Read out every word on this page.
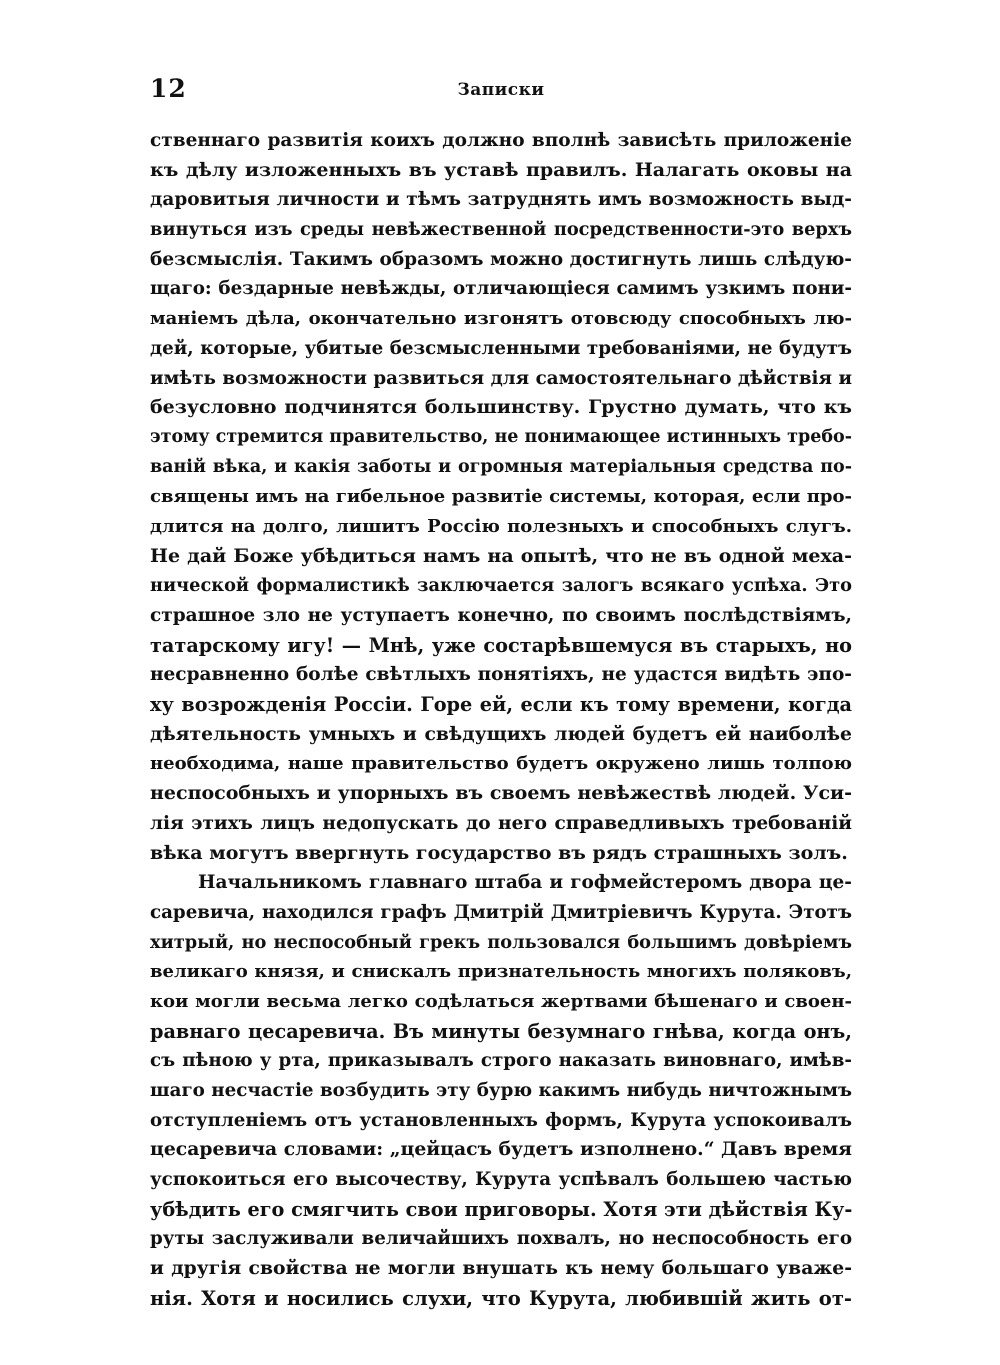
12	Записки
ственнаго развитія коихъ должно вполнѣ зависѣть приложеніе
къ дѣлу изложенныхъ въ уставѣ правилъ. Налагать оковы на
даровитыя личности и тѣмъ затруднять имъ возможность выд-
винуться изъ среды невѣжественной посредственности-это верхъ
безсмыслія. Такимъ образомъ можно достигнуть лишь слѣдую-
щаго: бездарные невѣжды, отличающіеся самимъ узкимъ пони-
маніемъ дѣла, окончательно изгонятъ отовсюду способныхъ лю-
дей, которые, убитые безсмысленными требованіями, не будутъ
имѣть возможности развиться для самостоятельнаго дѣйствія и
безусловно подчинятся большинству. Грустно думать, что къ
этому стремится правительство, не понимающее истинныхъ требо-
ваній вѣка, и какія заботы и огромныя матеріальныя средства по-
священы имъ на гибельное развитіе системы, которая, если про-
длится на долго, лишитъ Россію полезныхъ и способныхъ слугъ.
Не дай Боже убѣдиться намъ на опытѣ, что не въ одной меха-
нической формалистикѣ заключается залогъ всякаго успѣха. Это
страшное зло не уступаетъ конечно, по своимъ послѣдствіямъ,
татарскому игу! — Мнѣ, уже состарѣвшемуся въ старыхъ, но
несравненно болѣе свѣтлыхъ понятіяхъ, не удастся видѣть эпо-
ху возрожденія Россіи. Горе ей, если къ тому времени, когда
дѣятельность умныхъ и свѣдущихъ людей будетъ ей наиболѣе
необходима, наше правительство будетъ окружено лишь толпою
неспособныхъ и упорныхъ въ своемъ невѣжествѣ людей. Уси-
лія этихъ лицъ недопускать до него справедливыхъ требованій
вѣка могутъ ввергнуть государство въ рядъ страшныхъ золъ.
Начальникомъ главнаго штаба и гофмейстеромъ двора це-
саревича, находился графъ Дмитрій Дмитріевичъ Курута. Этотъ
хитрый, но неспособный грекъ пользовался большимъ довѣріемъ
великаго князя, и снискалъ признательность многихъ поляковъ,
кои могли весьма легко содѣлаться жертвами бѣшенаго и своен-
равнаго цесаревича. Въ минуты безумнаго гнѣва, когда онъ,
съ пѣною у рта, приказывалъ строго наказать виновнаго, имѣв-
шаго несчастіе возбудить эту бурю какимъ нибудь ничтожнымъ
отступленіемъ отъ установленныхъ формъ, Курута успокоивалъ
цесаревича словами: „цейцасъ будетъ изполнено.“ Давъ время
успокоиться его высочеству, Курута успѣвалъ большею частью
убѣдить его смягчить свои приговоры. Хотя эти дѣйствія Ку-
руты заслуживали величайшихъ похвалъ, но неспособность его
и другія свойства не могли внушать къ нему большаго уваже-
нія. Хотя и носились слухи, что Курута, любившій жить от-
